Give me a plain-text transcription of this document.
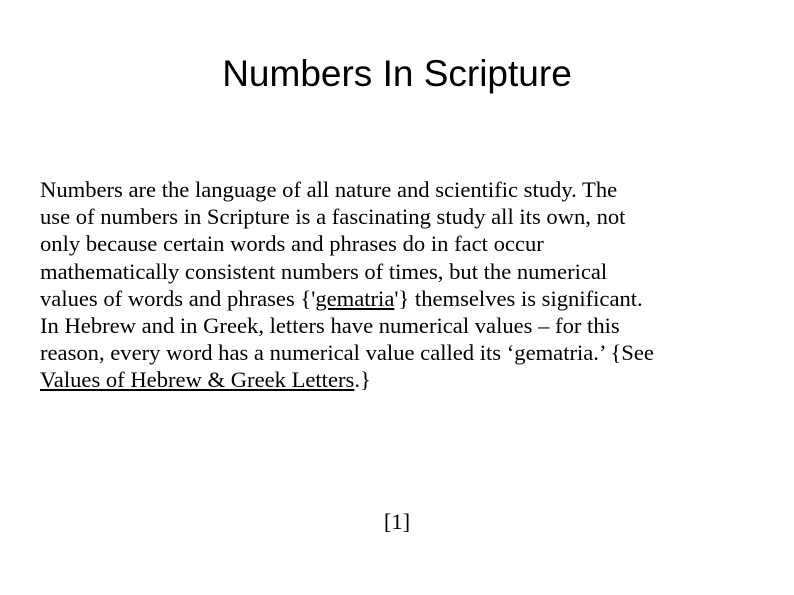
Numbers In Scripture
Numbers are the language of all nature and scientific study. The
use of numbers in Scripture is a fascinating study all its own, not
only because certain words and phrases do in fact occur
mathematically consistent numbers of times, but the numerical
values of words and phrases {'gematria'} themselves is significant.
In Hebrew and in Greek, letters have numerical values – for this
reason, every word has a numerical value called its ‘gematria.’ {See
Values of Hebrew & Greek Letters.}
[1]
